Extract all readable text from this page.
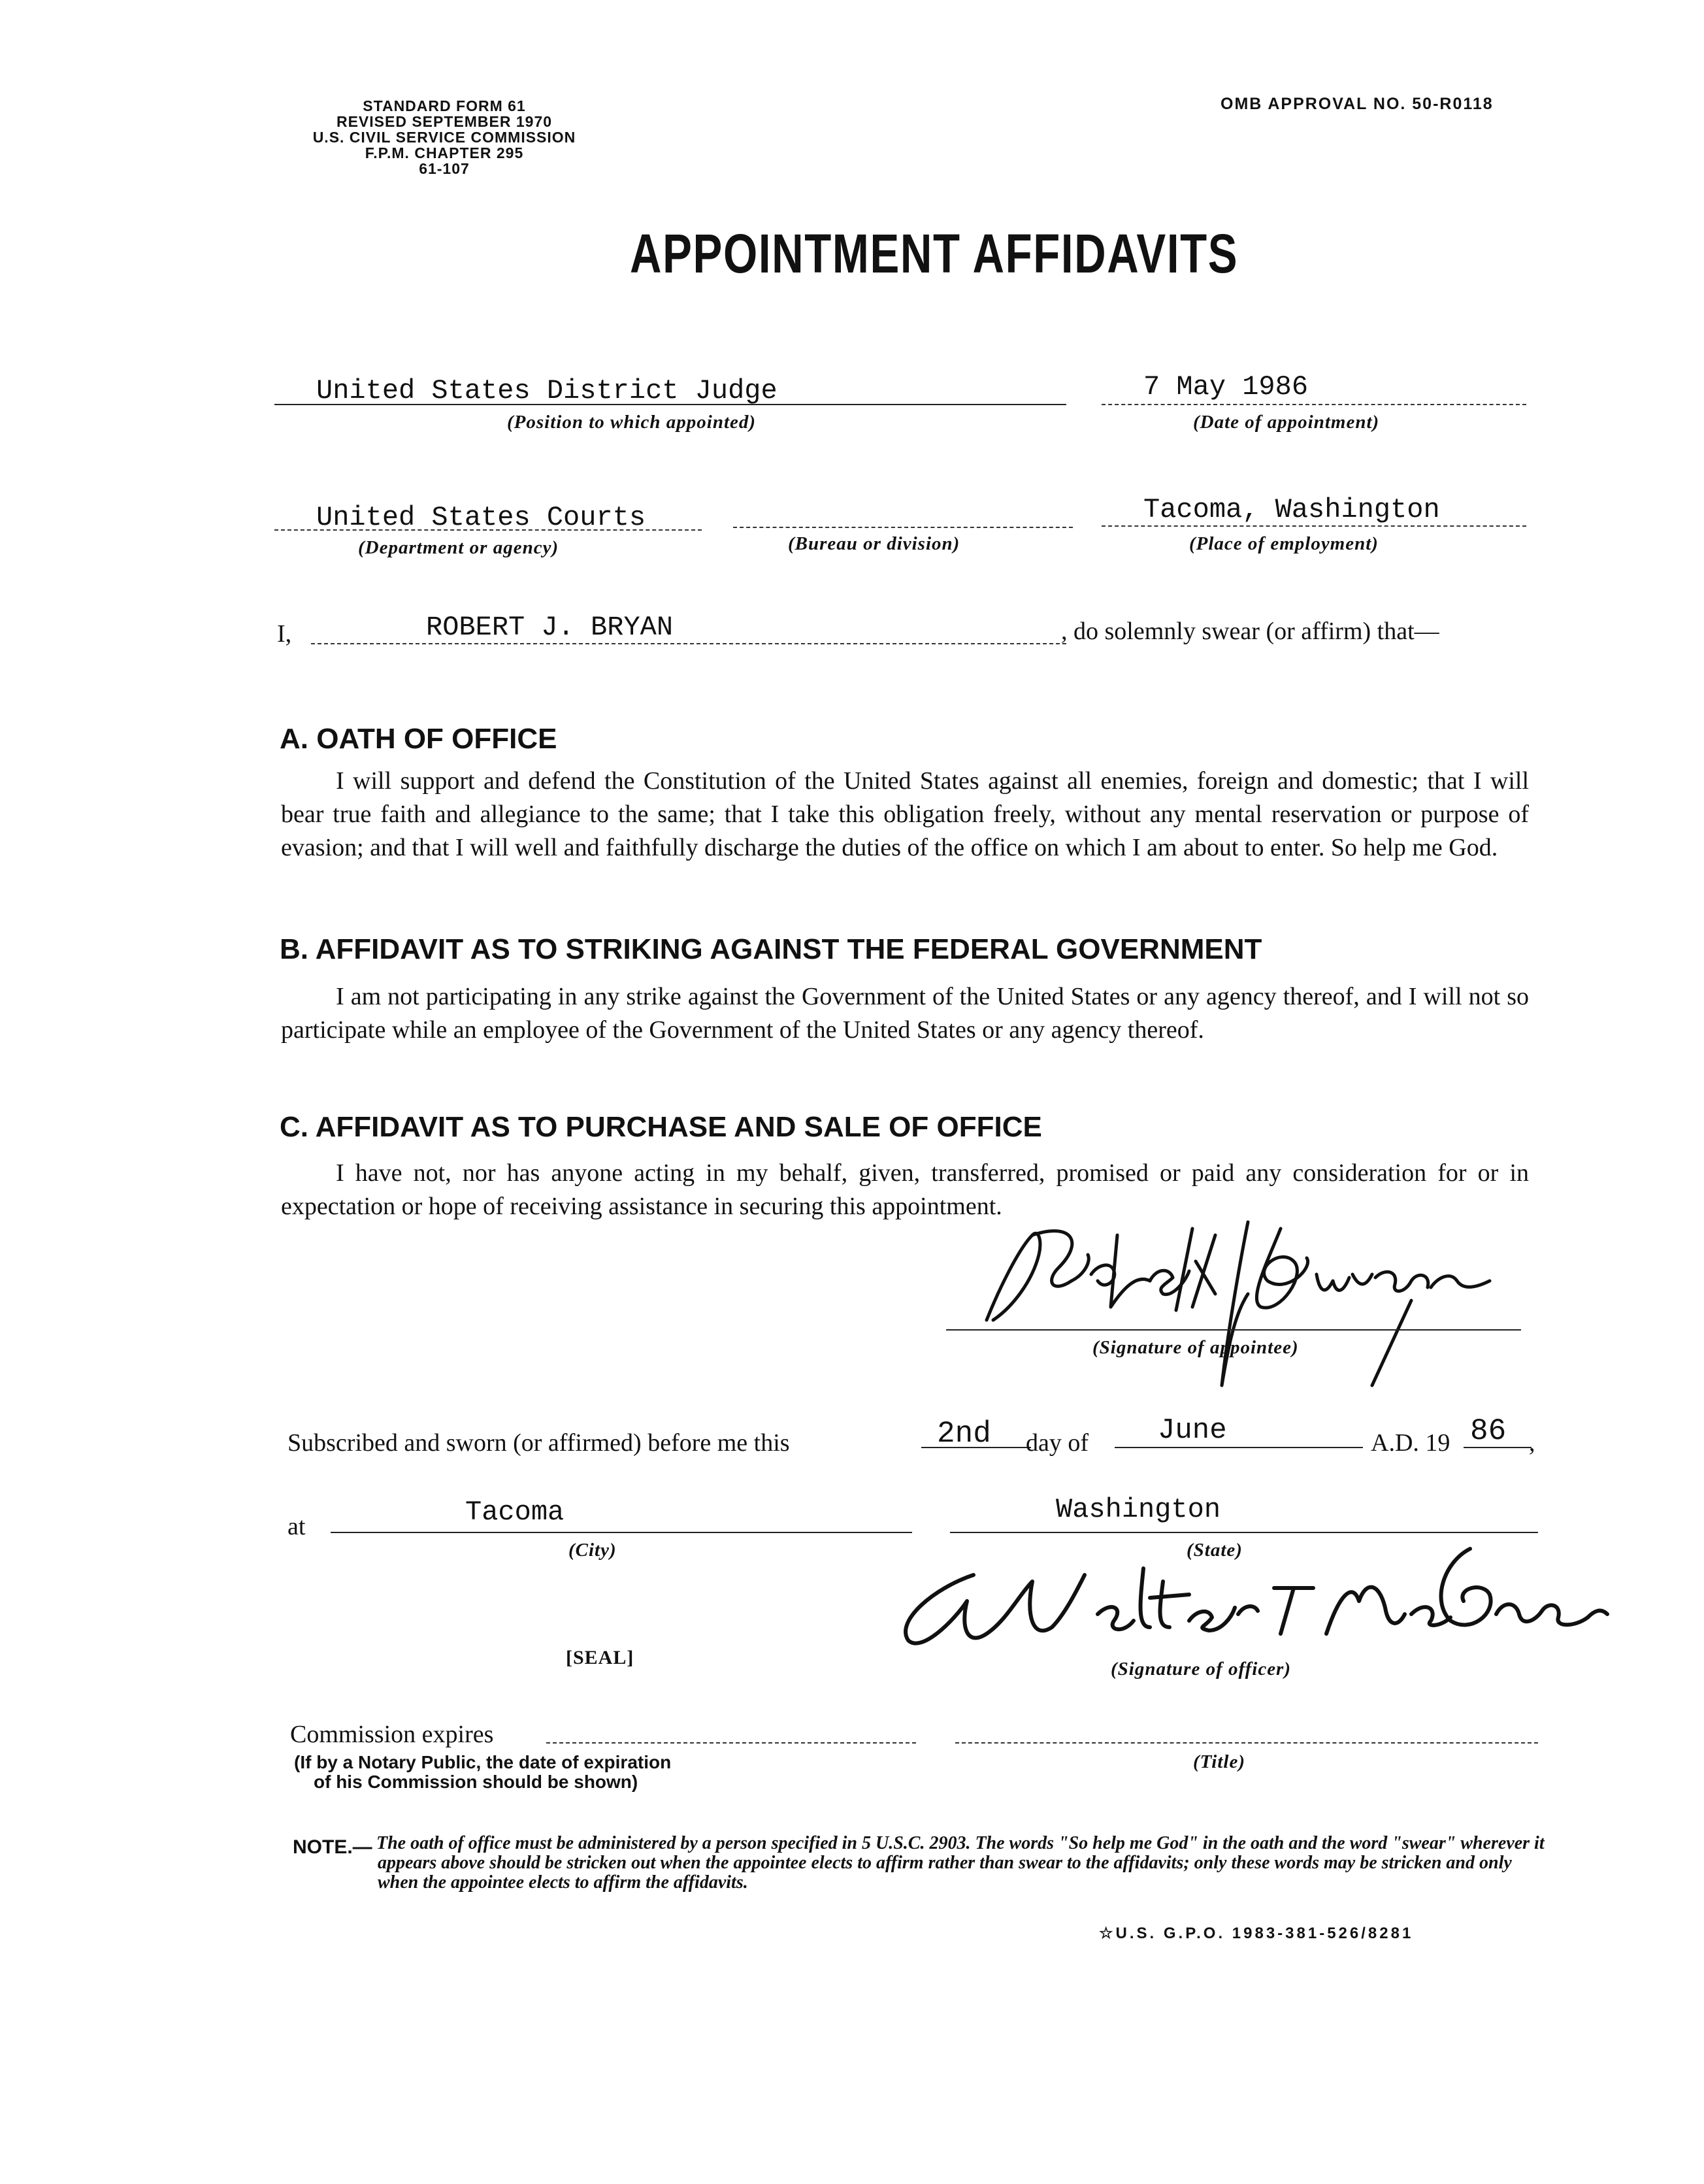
STANDARD FORM 61
REVISED SEPTEMBER 1970
U.S. CIVIL SERVICE COMMISSION
F.P.M. CHAPTER 295
61-107
OMB APPROVAL NO. 50-R0118
APPOINTMENT AFFIDAVITS
United States District Judge
(Position to which appointed)
7 May 1986
(Date of appointment)
United States Courts
(Department or agency)	(Bureau or division)
Tacoma, Washington
(Place of employment)
I,	ROBERT J. BRYAN	, do solemnly swear (or affirm) that—
A. OATH OF OFFICE
I will support and defend the Constitution of the United States against all enemies, foreign and domestic; that I will bear true faith and allegiance to the same; that I take this obligation freely, without any mental reservation or purpose of evasion; and that I will well and faithfully discharge the duties of the office on which I am about to enter. So help me God.
B. AFFIDAVIT AS TO STRIKING AGAINST THE FEDERAL GOVERNMENT
I am not participating in any strike against the Government of the United States or any agency thereof, and I will not so participate while an employee of the Government of the United States or any agency thereof.
C. AFFIDAVIT AS TO PURCHASE AND SALE OF OFFICE
I have not, nor has anyone acting in my behalf, given, transferred, promised or paid any consideration for or in expectation or hope of receiving assistance in securing this appointment.
(Signature of appointee)
Subscribed and sworn (or affirmed) before me this	2nd day of June	A.D. 19 86 ,
at	Tacoma
(City)
Washington
(State)
(Signature of officer)
[SEAL]
Commission expires
(If by a Notary Public, the date of expiration
of his Commission should be shown)
(Title)
NOTE.— The oath of office must be administered by a person specified in 5 U.S.C. 2903. The words "So help me God" in the oath and the word "swear" wherever it appears above should be stricken out when the appointee elects to affirm rather than swear to the affidavits; only these words may be stricken and only when the appointee elects to affirm the affidavits.
☆U.S. G.P.O. 1983-381-526/8281
